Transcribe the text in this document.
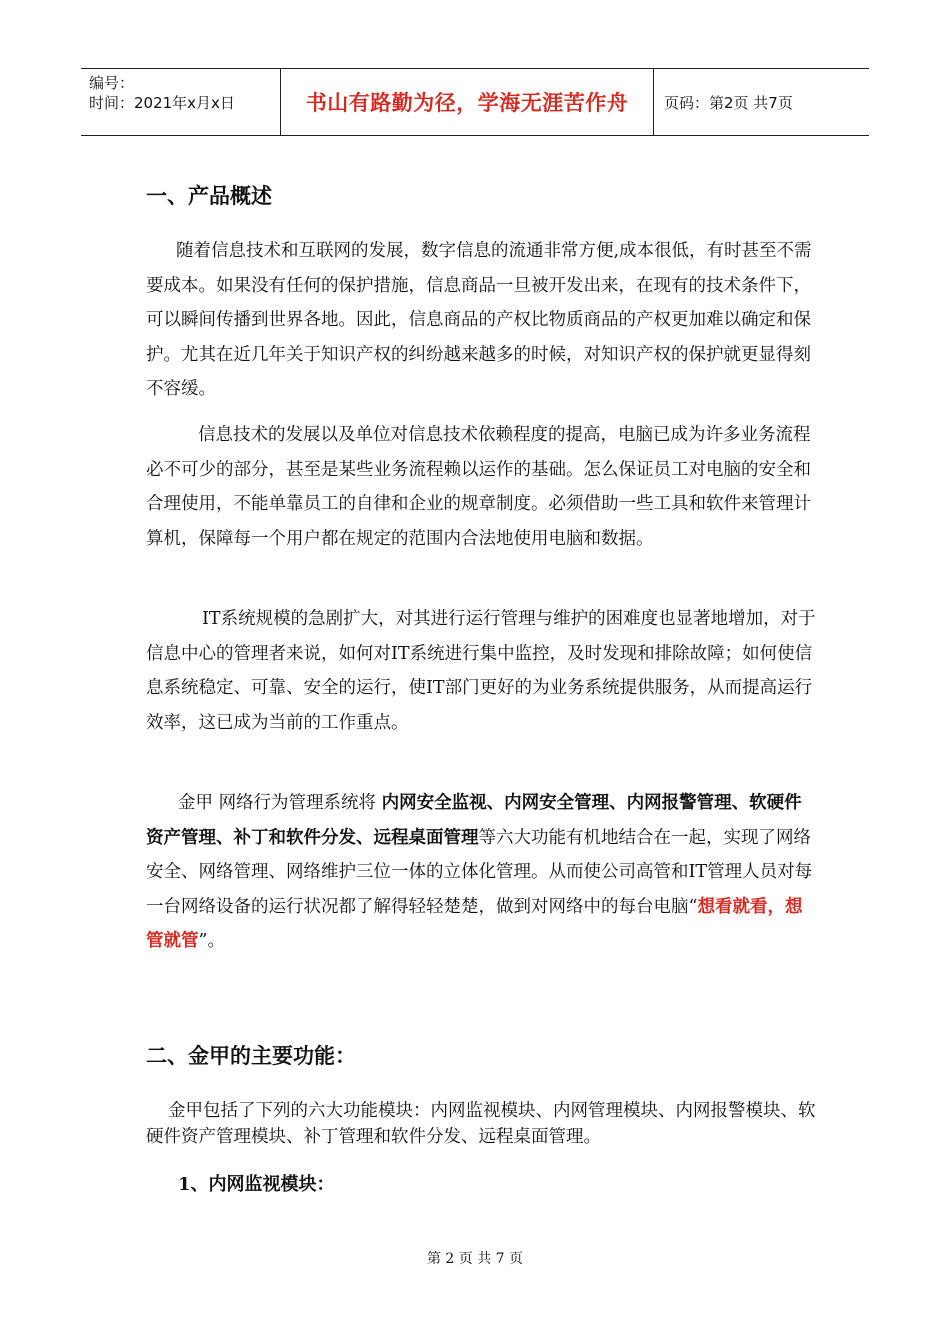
编号：
时间：2021年x月x日	书山有路勤为径，学海无涯苦作舟	页码：第2页 共7页
一、产品概述

随着信息技术和互联网的发展，数字信息的流通非常方便,成本很低，有时甚至不需要成本。如果没有任何的保护措施，信息商品一旦被开发出来，在现有的技术条件下，可以瞬间传播到世界各地。因此，信息商品的产权比物质商品的产权更加难以确定和保护。尤其在近几年关于知识产权的纠纷越来越多的时候，对知识产权的保护就更显得刻不容缓。

信息技术的发展以及单位对信息技术依赖程度的提高，电脑已成为许多业务流程必不可少的部分，甚至是某些业务流程赖以运作的基础。怎么保证员工对电脑的安全和合理使用，不能单靠员工的自律和企业的规章制度。必须借助一些工具和软件来管理计算机，保障每一个用户都在规定的范围内合法地使用电脑和数据。

IT系统规模的急剧扩大，对其进行运行管理与维护的困难度也显著地增加，对于信息中心的管理者来说，如何对IT系统进行集中监控，及时发现和排除故障；如何使信息系统稳定、可靠、安全的运行，使IT部门更好的为业务系统提供服务，从而提高运行效率，这已成为当前的工作重点。

金甲 网络行为管理系统将 内网安全监视、内网安全管理、内网报警管理、软硬件资产管理、补丁和软件分发、远程桌面管理等六大功能有机地结合在一起，实现了网络安全、网络管理、网络维护三位一体的立体化管理。从而使公司高管和IT管理人员对每一台网络设备的运行状况都了解得轻轻楚楚，做到对网络中的每台电脑“想看就看，想管就管”。

二、金甲的主要功能：

金甲包括了下列的六大功能模块：内网监视模块、内网管理模块、内网报警模块、软硬件资产管理模块、补丁管理和软件分发、远程桌面管理。

1、内网监视模块：
第 2 页 共 7 页
